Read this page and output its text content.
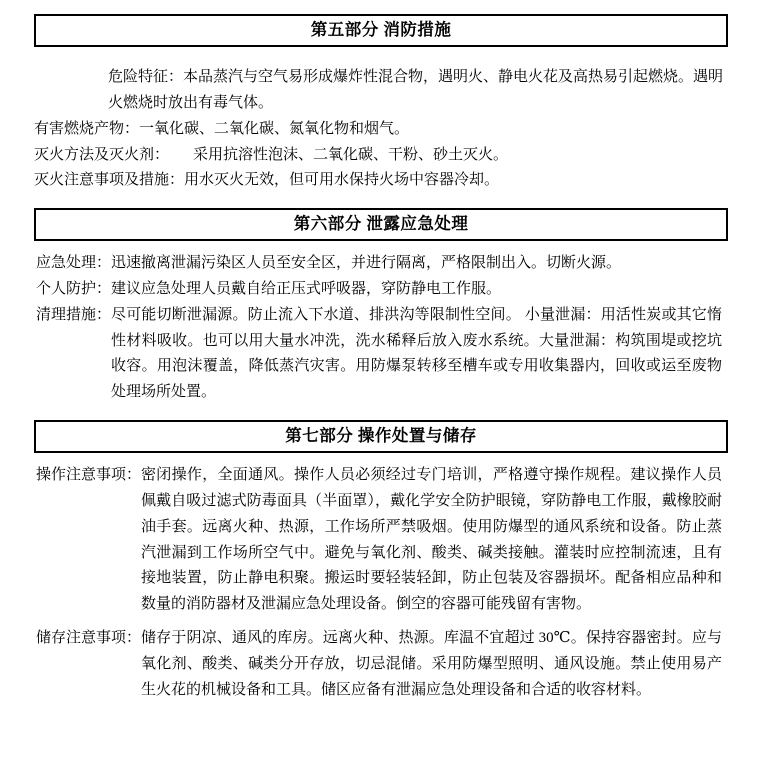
第五部分 消防措施
危险特征：本品蒸汽与空气易形成爆炸性混合物，遇明火、静电火花及高热易引起燃烧。遇明火燃烧时放出有毒气体。
有害燃烧产物：一氧化碳、二氧化碳、氮氧化物和烟气。
灭火方法及灭火剂： 采用抗溶性泡沫、二氧化碳、干粉、砂土灭火。
灭火注意事项及措施：用水灭火无效，但可用水保持火场中容器冷却。
第六部分 泄露应急处理
应急处理： 迅速撤离泄漏污染区人员至安全区，并进行隔离，严格限制出入。切断火源。
个人防护： 建议应急处理人员戴自给正压式呼吸器，穿防静电工作服。
清理措施： 尽可能切断泄漏源。防止流入下水道、排洪沟等限制性空间。 小量泄漏：用活性炭或其它惰性材料吸收。也可以用大量水冲洗，洗水稀释后放入废水系统。大量泄漏：构筑围堤或挖坑收容。用泡沫覆盖，降低蒸汽灾害。用防爆泵转移至槽车或专用收集器内，回收或运至废物处理场所处置。
第七部分 操作处置与储存
操作注意事项： 密闭操作，全面通风。操作人员必须经过专门培训，严格遵守操作规程。建议操作人员佩戴自吸过滤式防毒面具（半面罩），戴化学安全防护眼镜，穿防静电工作服，戴橡胶耐油手套。远离火种、热源，工作场所严禁吸烟。使用防爆型的通风系统和设备。防止蒸汽泄漏到工作场所空气中。避免与氧化剂、酸类、碱类接触。灌装时应控制流速，且有接地装置，防止静电积聚。搬运时要轻装轻卸，防止包装及容器损坏。配备相应品种和数量的消防器材及泄漏应急处理设备。倒空的容器可能残留有害物。
储存注意事项： 储存于阴凉、通风的库房。远离火种、热源。库温不宜超过 30℃。保持容器密封。应与氧化剂、酸类、碱类分开存放，切忌混储。采用防爆型照明、通风设施。禁止使用易产生火花的机械设备和工具。储区应备有泄漏应急处理设备和合适的收容材料。
